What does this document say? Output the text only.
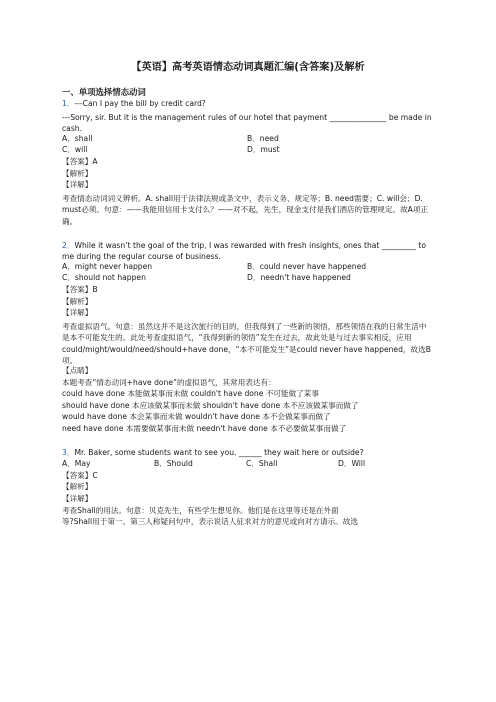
【英语】高考英语情态动词真题汇编(含答案)及解析
一、单项选择情态动词
1．---Can I pay the bill by credit card?
---Sorry, sir. But it is the management rules of our hotel that payment _______________ be made in cash.
A．shall	B．need
C．will	D．must
【答案】A
【解析】
【详解】
考查情态动词词义辨析。A. shall用于法律法规或条文中，表示义务、规定等；B. need需要；C. will会；D. must必须。句意：——我能用信用卡支付么？——对不起，先生，现金支付是我们酒店的管理规定。故A项正确。
2．While it wasn’t the goal of the trip, I was rewarded with fresh insights, ones that _________ to me during the regular course of business.
A．might never happen	B．could never have happened
C．should not happen	D．needn't have happened
【答案】B
【解析】
【详解】
考查虚拟语气。句意：虽然这并不是这次旅行的目的，但我得到了一些新的领悟，那些领悟在我的日常生活中是本不可能发生的。此处考查虚拟语气，“我得到新的领悟”发生在过去，故此处是与过去事实相反，应用could/might/would/need/should+have done，“本不可能发生”是could never have happened，故选B项。
【点睛】
本题考查“情态动词+have done”的虚拟语气，其常用表达有：
could have done 本能做某事而未做 couldn't have done 不可能做了某事
should have done 本应该做某事而未做 shouldn't have done 本不应该做某事而做了
would have done 本会某事而未做 wouldn't have done 本不会做某事而做了
need have done 本需要做某事而未做 needn't have done 本不必要做某事而做了
3．Mr. Baker, some students want to see you. ______ they wait here or outside?
A．May	B．Should	C．Shall	D．Will
【答案】C
【解析】
【详解】
考查Shall的用法。句意：贝克先生，有些学生想见你。他们是在这里等还是在外面
等?Shall用于第一、第三人称疑问句中，表示说话人征求对方的意见或向对方请示。故选
